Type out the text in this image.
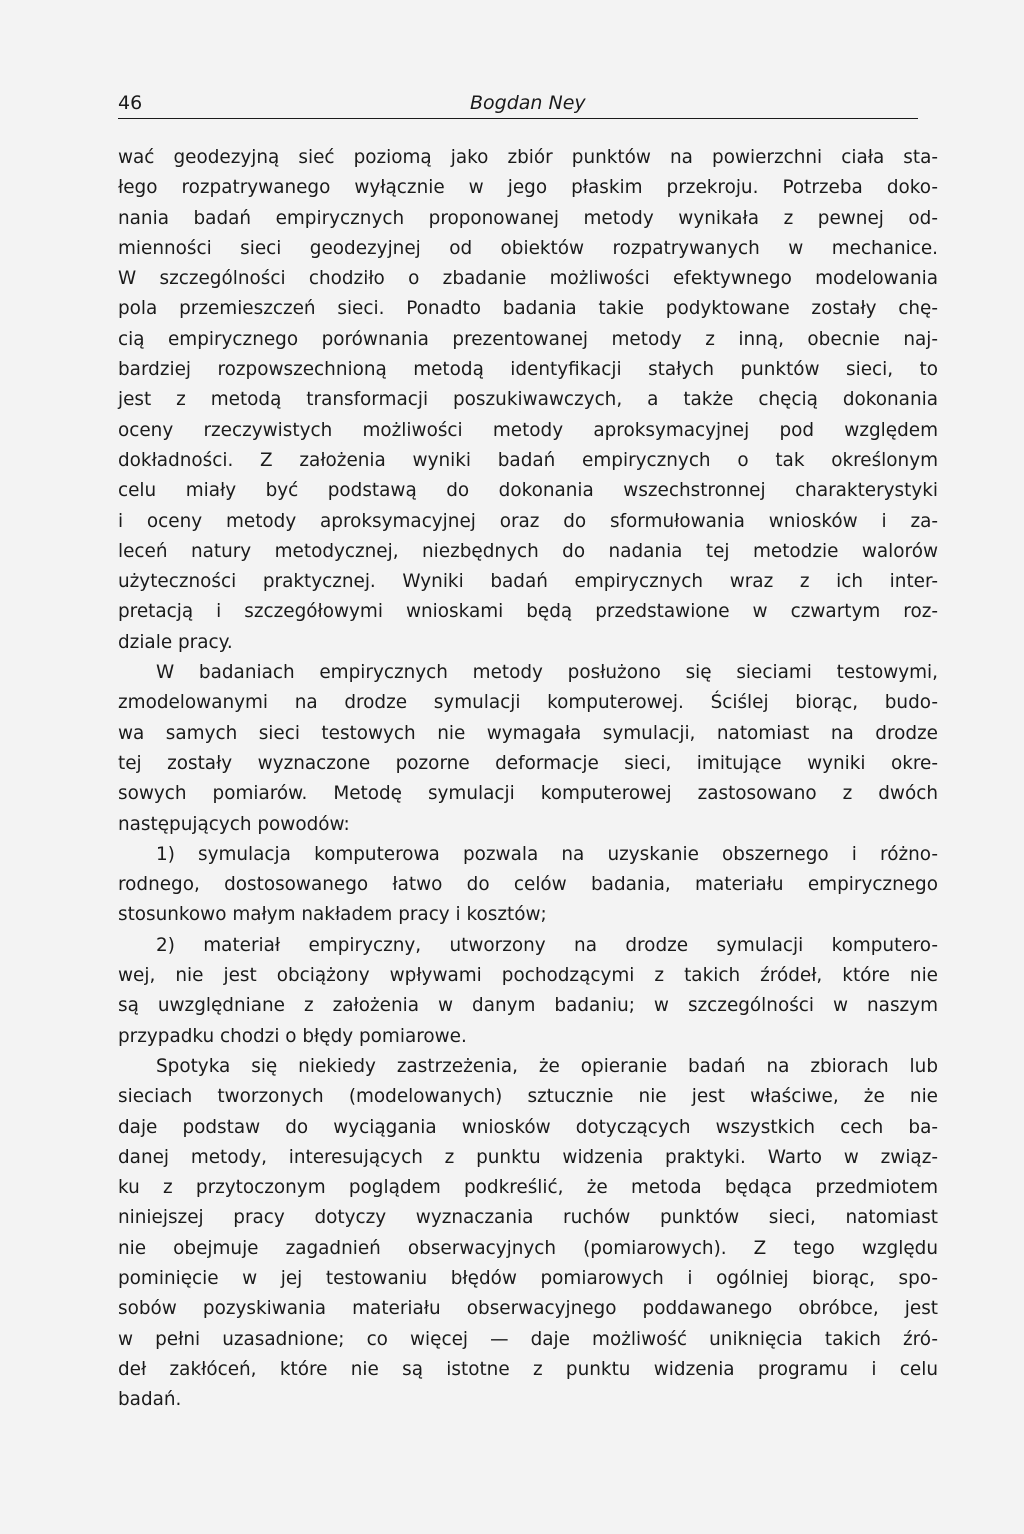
46	Bogdan Ney
wać geodezyjną sieć poziomą jako zbiór punktów na powierzchni ciała sta-
łego rozpatrywanego wyłącznie w jego płaskim przekroju. Potrzeba doko-
nania badań empirycznych proponowanej metody wynikała z pewnej od-
mienności sieci geodezyjnej od obiektów rozpatrywanych w mechanice.
W szczególności chodziło o zbadanie możliwości efektywnego modelowania
pola przemieszczeń sieci. Ponadto badania takie podyktowane zostały chę-
cią empirycznego porównania prezentowanej metody z inną, obecnie naj-
bardziej rozpowszechnioną metodą identyfikacji stałych punktów sieci, to
jest z metodą transformacji poszukiwawczych, a także chęcią dokonania
oceny rzeczywistych możliwości metody aproksymacyjnej pod względem
dokładności. Z założenia wyniki badań empirycznych o tak określonym
celu miały być podstawą do dokonania wszechstronnej charakterystyki
i oceny metody aproksymacyjnej oraz do sformułowania wniosków i za-
leceń natury metodycznej, niezbędnych do nadania tej metodzie walorów
użyteczności praktycznej. Wyniki badań empirycznych wraz z ich inter-
pretacją i szczegółowymi wnioskami będą przedstawione w czwartym roz-
dziale pracy.
W badaniach empirycznych metody posłużono się sieciami testowymi,
zmodelowanymi na drodze symulacji komputerowej. Ściślej biorąc, budo-
wa samych sieci testowych nie wymagała symulacji, natomiast na drodze
tej zostały wyznaczone pozorne deformacje sieci, imitujące wyniki okre-
sowych pomiarów. Metodę symulacji komputerowej zastosowano z dwóch
następujących powodów:
1) symulacja komputerowa pozwala na uzyskanie obszernego i różno-
rodnego, dostosowanego łatwo do celów badania, materiału empirycznego
stosunkowo małym nakładem pracy i kosztów;
2) materiał empiryczny, utworzony na drodze symulacji komputero-
wej, nie jest obciążony wpływami pochodzącymi z takich źródeł, które nie
są uwzględniane z założenia w danym badaniu; w szczególności w naszym
przypadku chodzi o błędy pomiarowe.
Spotyka się niekiedy zastrzeżenia, że opieranie badań na zbiorach lub
sieciach tworzonych (modelowanych) sztucznie nie jest właściwe, że nie
daje podstaw do wyciągania wniosków dotyczących wszystkich cech ba-
danej metody, interesujących z punktu widzenia praktyki. Warto w związ-
ku z przytoczonym poglądem podkreślić, że metoda będąca przedmiotem
niniejszej pracy dotyczy wyznaczania ruchów punktów sieci, natomiast
nie obejmuje zagadnień obserwacyjnych (pomiarowych). Z tego względu
pominięcie w jej testowaniu błędów pomiarowych i ogólniej biorąc, spo-
sobów pozyskiwania materiału obserwacyjnego poddawanego obróbce, jest
w pełni uzasadnione; co więcej — daje możliwość uniknięcia takich źró-
deł zakłóceń, które nie są istotne z punktu widzenia programu i celu
badań.
